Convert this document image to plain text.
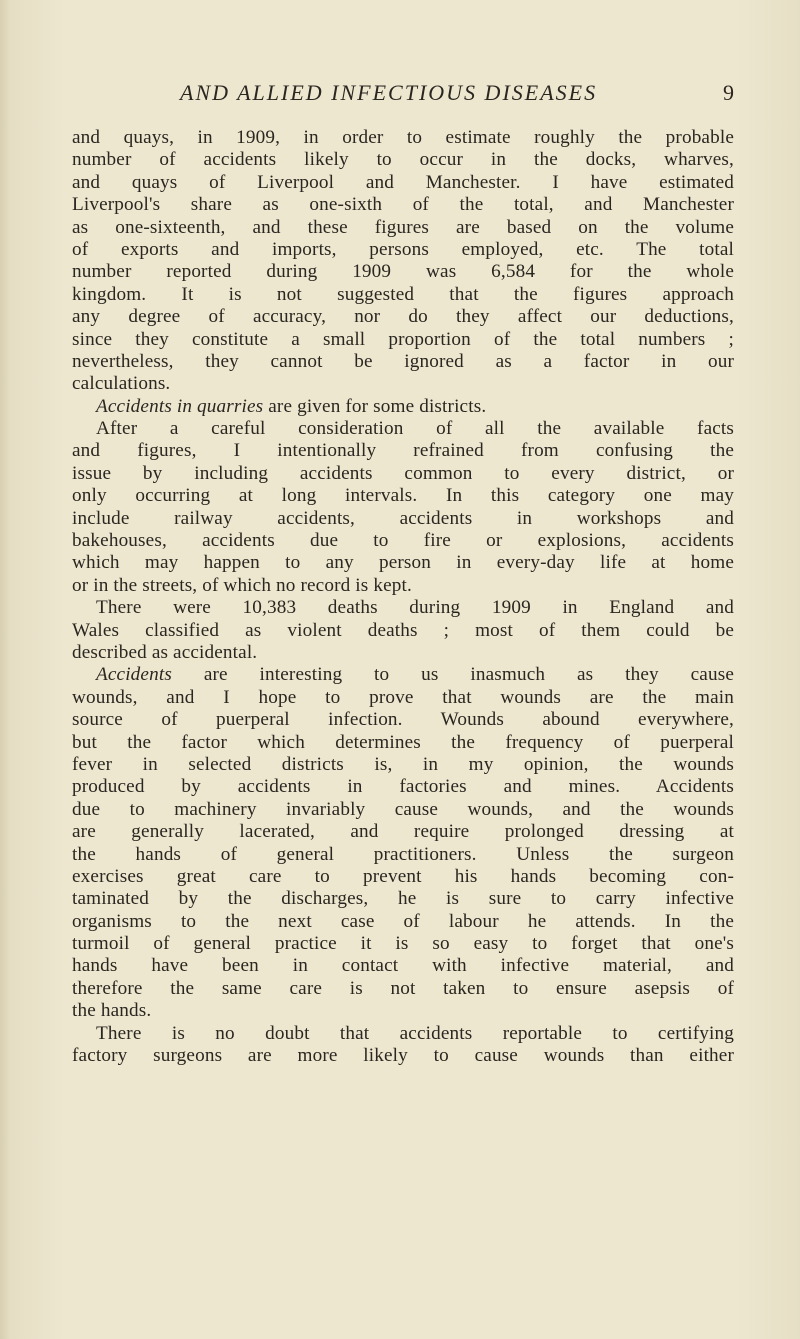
AND ALLIED INFECTIOUS DISEASES	9
and quays, in 1909, in order to estimate roughly the probable
number of accidents likely to occur in the docks, wharves,
and quays of Liverpool and Manchester. I have estimated
Liverpool's share as one-sixth of the total, and Manchester
as one-sixteenth, and these figures are based on the volume
of exports and imports, persons employed, etc. The total
number reported during 1909 was 6,584 for the whole
kingdom. It is not suggested that the figures approach
any degree of accuracy, nor do they affect our deductions,
since they constitute a small proportion of the total numbers ;
nevertheless, they cannot be ignored as a factor in our
calculations.
Accidents in quarries are given for some districts.
After a careful consideration of all the available facts
and figures, I intentionally refrained from confusing the
issue by including accidents common to every district, or
only occurring at long intervals. In this category one may
include railway accidents, accidents in workshops and
bakehouses, accidents due to fire or explosions, accidents
which may happen to any person in every-day life at home
or in the streets, of which no record is kept.
There were 10,383 deaths during 1909 in England and
Wales classified as violent deaths ; most of them could be
described as accidental.
Accidents are interesting to us inasmuch as they cause
wounds, and I hope to prove that wounds are the main
source of puerperal infection. Wounds abound everywhere,
but the factor which determines the frequency of puerperal
fever in selected districts is, in my opinion, the wounds
produced by accidents in factories and mines. Accidents
due to machinery invariably cause wounds, and the wounds
are generally lacerated, and require prolonged dressing at
the hands of general practitioners. Unless the surgeon
exercises great care to prevent his hands becoming con-
taminated by the discharges, he is sure to carry infective
organisms to the next case of labour he attends. In the
turmoil of general practice it is so easy to forget that one's
hands have been in contact with infective material, and
therefore the same care is not taken to ensure asepsis of
the hands.
There is no doubt that accidents reportable to certifying
factory surgeons are more likely to cause wounds than either
